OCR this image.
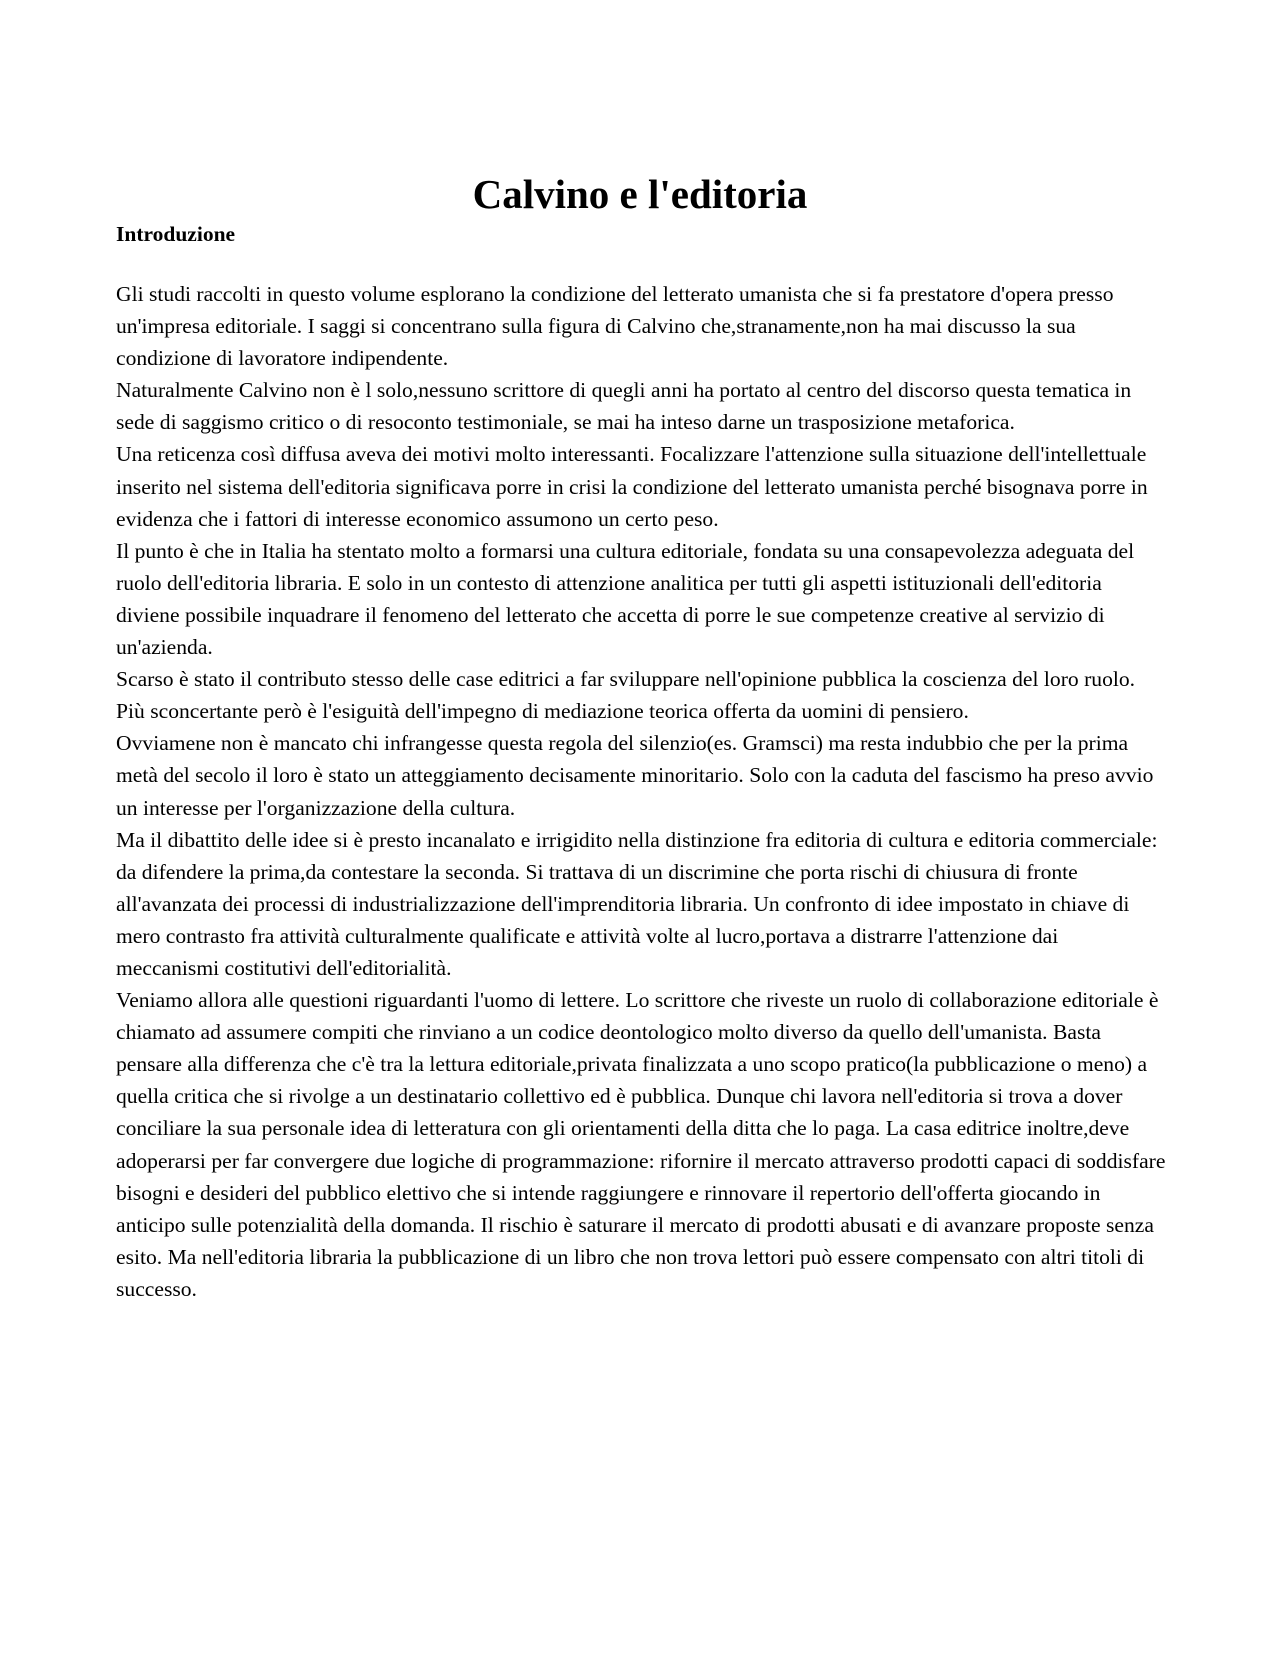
Calvino e l'editoria
Introduzione

Gli studi raccolti in questo volume esplorano la condizione del letterato umanista che si fa prestatore d'opera presso un'impresa editoriale. I saggi si concentrano sulla figura di Calvino che,stranamente,non ha mai discusso la sua condizione di lavoratore indipendente.

Naturalmente Calvino non è l solo,nessuno scrittore di quegli anni ha portato al centro del discorso questa tematica in sede di saggismo critico o di resoconto testimoniale, se mai ha inteso darne un trasposizione metaforica.

Una reticenza così diffusa aveva dei motivi molto interessanti. Focalizzare l'attenzione sulla situazione dell'intellettuale inserito nel sistema dell'editoria significava porre in crisi la condizione del letterato umanista perché bisognava porre in evidenza che i fattori di interesse economico assumono un certo peso.

Il punto è che in Italia ha stentato molto a formarsi una cultura editoriale, fondata su una consapevolezza adeguata del ruolo dell'editoria libraria. E solo in un contesto di attenzione analitica per tutti gli aspetti istituzionali dell'editoria diviene possibile inquadrare il fenomeno del letterato che accetta di porre le sue competenze creative al servizio di un'azienda.

Scarso è stato il contributo stesso delle case editrici a far sviluppare nell'opinione pubblica la coscienza del loro ruolo. Più sconcertante però è l'esiguità dell'impegno di mediazione teorica offerta da uomini di pensiero.

Ovviamene non è mancato chi infrangesse questa regola del silenzio(es. Gramsci) ma resta indubbio che per la prima metà del secolo il loro è stato un atteggiamento decisamente minoritario. Solo con la caduta del fascismo ha preso avvio un interesse per l'organizzazione della cultura.

Ma il dibattito delle idee si è presto incanalato e irrigidito nella distinzione fra editoria di cultura e editoria commerciale: da difendere la prima,da contestare la seconda. Si trattava di un discrimine che porta rischi di chiusura di fronte all'avanzata dei processi di industrializzazione dell'imprenditoria libraria. Un confronto di idee impostato in chiave di mero contrasto fra attività culturalmente qualificate e attività volte al lucro,portava a distrarre l'attenzione dai meccanismi costitutivi dell'editorialità.

Veniamo allora alle questioni riguardanti l'uomo di lettere. Lo scrittore che riveste un ruolo di collaborazione editoriale è chiamato ad assumere compiti che rinviano a un codice deontologico molto diverso da quello dell'umanista. Basta pensare alla differenza che c'è tra la lettura editoriale,privata finalizzata a uno scopo pratico(la pubblicazione o meno) a quella critica che si rivolge a un destinatario collettivo ed è pubblica. Dunque chi lavora nell'editoria si trova a dover conciliare la sua personale idea di letteratura con gli orientamenti della ditta che lo paga. La casa editrice inoltre,deve adoperarsi per far convergere due logiche di programmazione: rifornire il mercato attraverso prodotti capaci di soddisfare bisogni e desideri del pubblico elettivo che si intende raggiungere e rinnovare il repertorio dell'offerta giocando in anticipo sulle potenzialità della domanda. Il rischio è saturare il mercato di prodotti abusati e di avanzare proposte senza esito. Ma nell'editoria libraria la pubblicazione di un libro che non trova lettori può essere compensato con altri titoli di successo.
